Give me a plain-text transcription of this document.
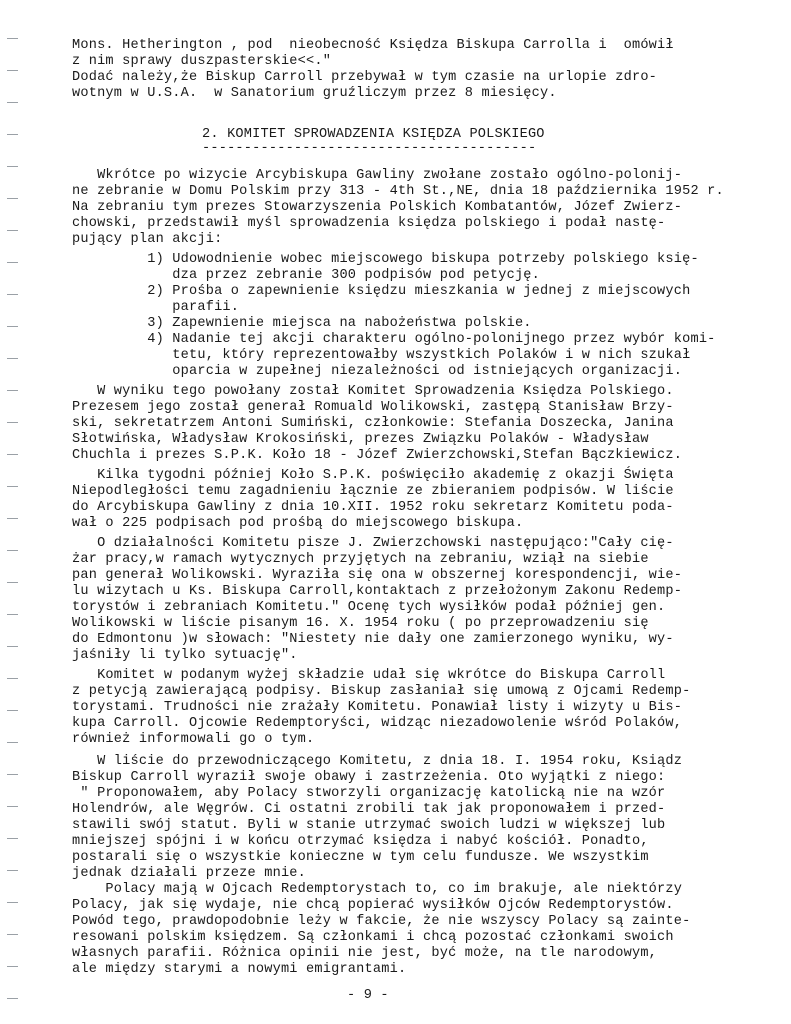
Mons. Hetherington , pod  nieobecność Księdza Biskupa Carrolla i  omówił
z nim sprawy duszpasterskie<<."
Dodać należy,że Biskup Carroll przebywał w tym czasie na urlopie zdro-
wotnym w U.S.A.  w Sanatorium gruźliczym przez 8 miesięcy.
Wkrótce po wizycie Arcybiskupa Gawliny zwołane zostało ogólno-polonij-
ne zebranie w Domu Polskim przy 313 - 4th St.,NE, dnia 18 października 1952 r.
Na zebraniu tym prezes Stowarzyszenia Polskich Kombatantów, Józef Zwierz-
chowski, przedstawił myśl sprowadzenia księdza polskiego i podał nastę-
pujący plan akcji:
1) Udowodnienie wobec miejscowego biskupa potrzeby polskiego księ-
dza przez zebranie 300 podpisów pod petycję.
2) Prośba o zapewnienie księdzu mieszkania w jednej z miejscowych
parafii.
3) Zapewnienie miejsca na nabożeństwa polskie.
4) Nadanie tej akcji charakteru ogólno-polonijnego przez wybór komi-
tetu, który reprezentowałby wszystkich Polaków i w nich szukał
oparcia w zupełnej niezależności od istniejących organizacji.
W wyniku tego powołany został Komitet Sprowadzenia Księdza Polskiego.
Prezesem jego został generał Romuald Wolikowski, zastępą Stanisław Brzy-
ski, sekretatrzem Antoni Sumiński, członkowie: Stefania Doszecka, Janina
Słotwińska, Władysław Krokosiński, prezes Związku Polaków - Władysław
Chuchla i prezes S.P.K. Koło 18 - Józef Zwierzchowski,Stefan Bączkiewicz.
Kilka tygodni później Koło S.P.K. poświęciło akademię z okazji Święta
Niepodległości temu zagadnieniu łącznie ze zbieraniem podpisów. W liście
do Arcybiskupa Gawliny z dnia 10.XII. 1952 roku sekretarz Komitetu poda-
wał o 225 podpisach pod prośbą do miejscowego biskupa.
O działalności Komitetu pisze J. Zwierzchowski następująco:"Cały cię-
żar pracy,w ramach wytycznych przyjętych na zebraniu, wziął na siebie
pan generał Wolikowski. Wyraziła się ona w obszernej korespondencji, wie-
lu wizytach u Ks. Biskupa Carroll,kontaktach z przełożonym Zakonu Redemp-
torystów i zebraniach Komitetu." Ocenę tych wysiłków podał później gen.
Wolikowski w liście pisanym 16. X. 1954 roku ( po przeprowadzeniu się
do Edmontonu )w słowach: "Niestety nie dały one zamierzonego wyniku, wy-
jaśniły li tylko sytuację".
Komitet w podanym wyżej składzie udał się wkrótce do Biskupa Carroll
z petycją zawierającą podpisy. Biskup zasłaniał się umową z Ojcami Redemp-
torystami. Trudności nie zrażały Komitetu. Ponawiał listy i wizyty u Bis-
kupa Carroll. Ojcowie Redemptoryści, widząc niezadowolenie wśród Polaków,
również informowali go o tym.
W liście do przewodniczącego Komitetu, z dnia 18. I. 1954 roku, Ksiądz
Biskup Carroll wyraził swoje obawy i zastrzeżenia. Oto wyjątki z niego:
" Proponowałem, aby Polacy stworzyli organizację katolicką nie na wzór
Holendrów, ale Węgrów. Ci ostatni zrobili tak jak proponowałem i przed-
stawili swój statut. Byli w stanie utrzymać swoich ludzi w większej lub
mniejszej spójni i w końcu otrzymać księdza i nabyć kościół. Ponadto,
postarali się o wszystkie konieczne w tym celu fundusze. We wszystkim
jednak działali przeze mnie.
Polacy mają w Ojcach Redemptorystach to, co im brakuje, ale niektórzy
Polacy, jak się wydaje, nie chcą popierać wysiłków Ojców Redemptorystów.
Powód tego, prawdopodobnie leży w fakcie, że nie wszyscy Polacy są zainte-
resowani polskim księdzem. Są członkami i chcą pozostać członkami swoich
własnych parafii. Różnica opinii nie jest, być może, na tle narodowym,
ale między starymi a nowymi emigrantami.
2. KOMITET SPROWADZENIA KSIĘDZA POLSKIEGO
----------------------------------------
- 9 -
